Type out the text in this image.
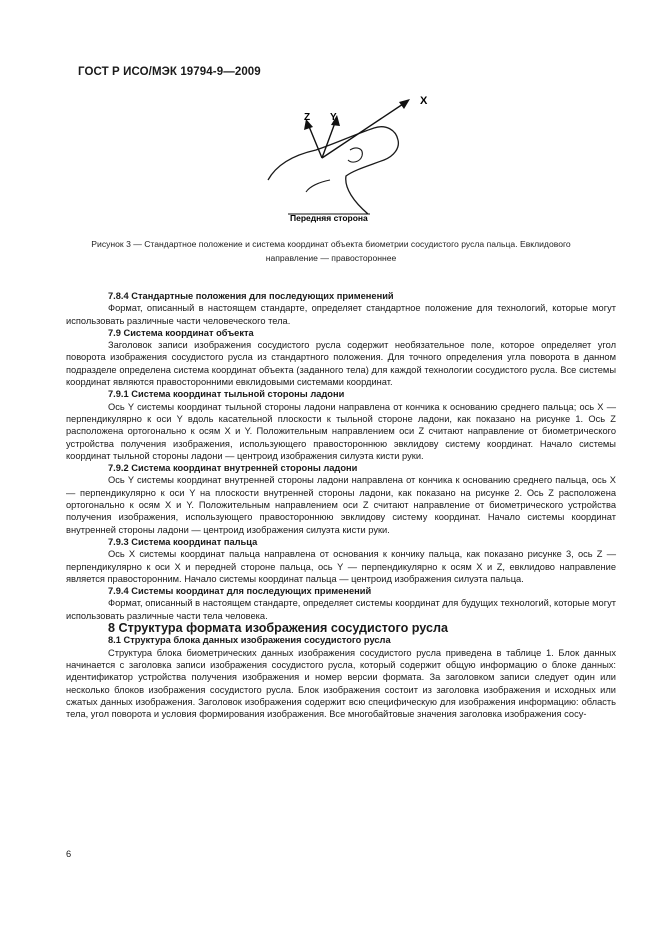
ГОСТ Р ИСО/МЭК 19794-9—2009
X
Y
Z
Передняя сторона
Рисунок 3 — Стандартное положение и система координат объекта биометрии сосудистого русла пальца. Евклидового направление — правостороннее

7.8.4 Стандартные положения для последующих применений

Формат, описанный в настоящем стандарте, определяет стандартное положение для технологий, которые могут использовать различные части человеческого тела.

7.9 Система координат объекта

Заголовок записи изображения сосудистого русла содержит необязательное поле, которое определяет угол поворота изображения сосудистого русла из стандартного положения. Для точного определения угла поворота в данном подразделе определена система координат объекта (заданного тела) для каждой технологии сосудистого русла. Все системы координат являются правосторонними евклидовыми системами координат.

7.9.1 Система координат тыльной стороны ладони

Ось Y системы координат тыльной стороны ладони направлена от кончика к основанию среднего пальца; ось X — перпендикулярно к оси Y вдоль касательной плоскости к тыльной стороне ладони, как показано на рисунке 1. Ось Z расположена ортогонально к осям X и Y. Положительным направлением оси Z считают направление от биометрического устройства получения изображения, использующего правостороннюю эвклидову систему координат. Начало системы координат тыльной стороны ладони — центроид изображения силуэта кисти руки.

7.9.2 Система координат внутренней стороны ладони

Ось Y системы координат внутренней стороны ладони направлена от кончика к основанию среднего пальца, ось X — перпендикулярно к оси Y на плоскости внутренней стороны ладони, как показано на рисунке 2. Ось Z расположена ортогонально к осям X и Y. Положительным направлением оси Z считают направление от биометрического устройства получения изображения, использующего правостороннюю эвклидову систему координат. Начало системы координат внутренней стороны ладони — центроид изображения силуэта кисти руки.

7.9.3 Система координат пальца

Ось X системы координат пальца направлена от основания к кончику пальца, как показано рисунке 3, ось Z — перпендикулярно к оси X и передней стороне пальца, ось Y — перпендикулярно к осям X и Z, евклидово направление является правосторонним. Начало системы координат пальца — центроид изображения силуэта пальца.

7.9.4 Системы координат для последующих применений

Формат, описанный в настоящем стандарте, определяет системы координат для будущих технологий, которые могут использовать различные части тела человека.

8 Структура формата изображения сосудистого русла

8.1 Структура блока данных изображения сосудистого русла

Структура блока биометрических данных изображения сосудистого русла приведена в таблице 1. Блок данных начинается с заголовка записи изображения сосудистого русла, который содержит общую информацию о блоке данных: идентификатор устройства получения изображения и номер версии формата. За заголовком записи следует один или несколько блоков изображения сосудистого русла. Блок изображения состоит из заголовка изображения и исходных или сжатых данных изображения. Заголовок изображения содержит всю специфическую для изображения информацию: область тела, угол поворота и условия формирования изображения. Все многобайтовые значения заголовка изображения сосу-

6
